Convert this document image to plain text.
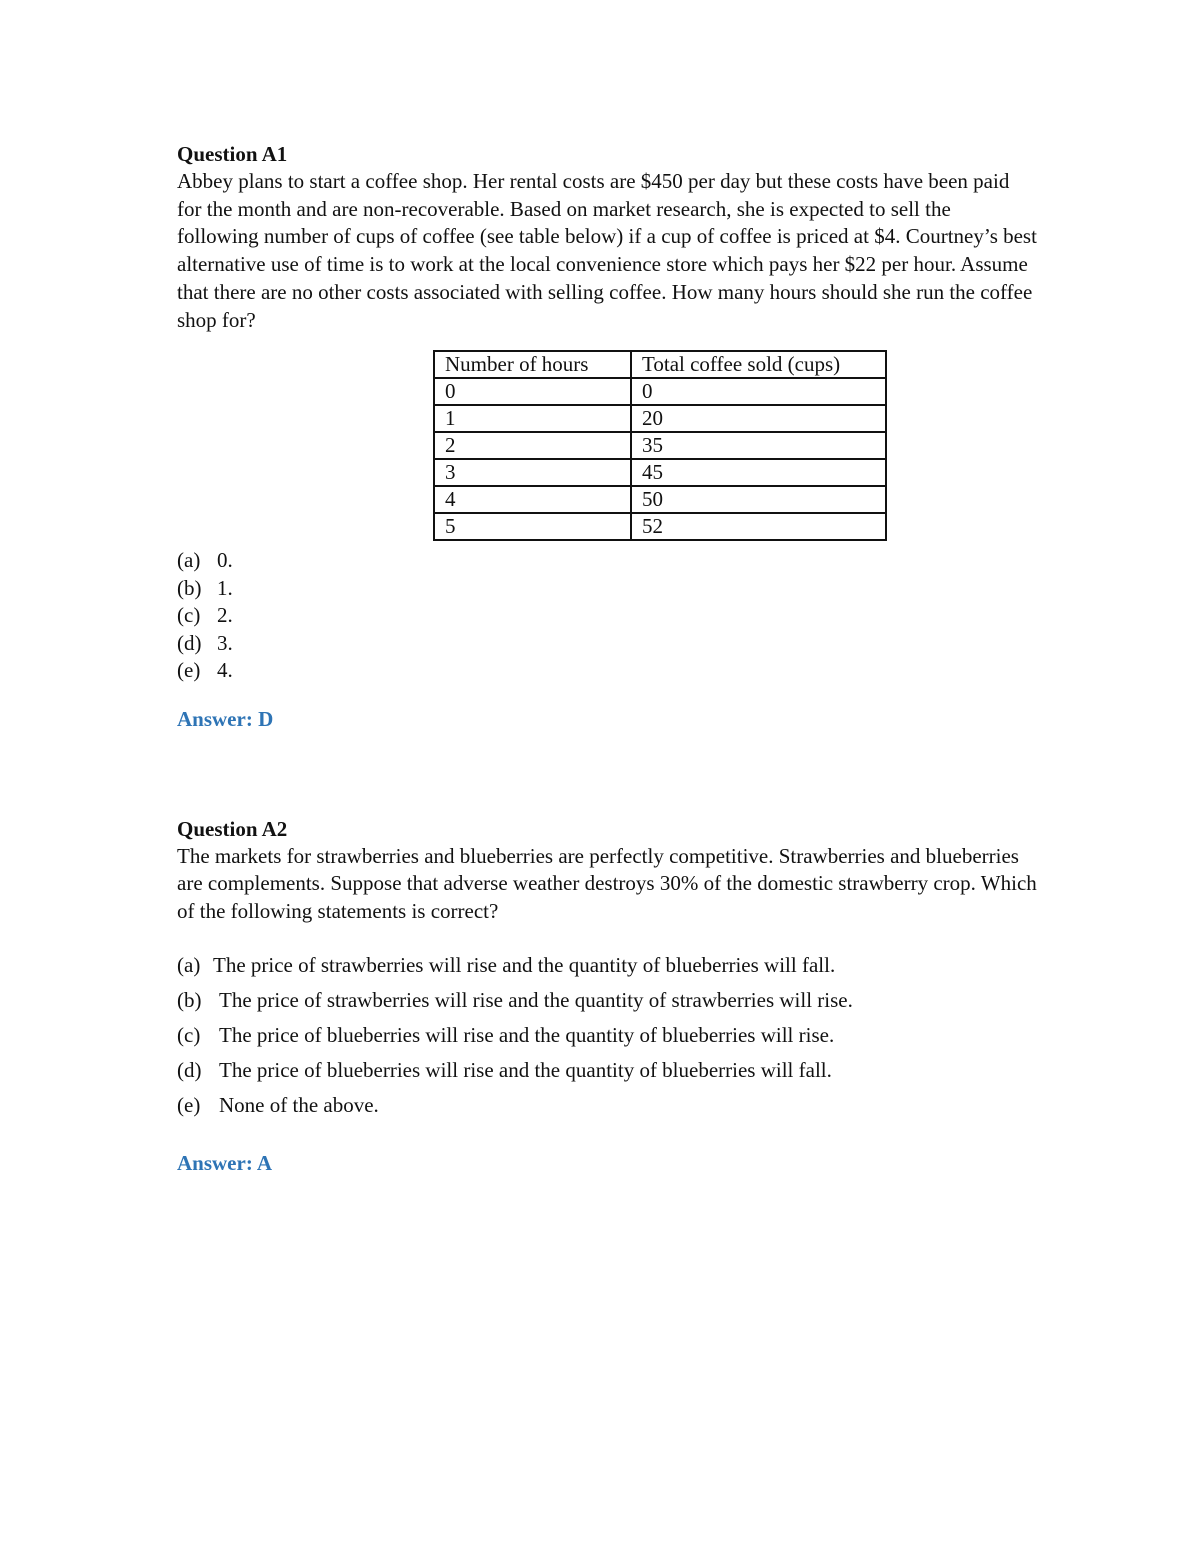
Question A1

Abbey plans to start a coffee shop. Her rental costs are $450 per day but these costs have been paid for the month and are non-recoverable. Based on market research, she is expected to sell the following number of cups of coffee (see table below) if a cup of coffee is priced at $4. Courtney’s best alternative use of time is to work at the local convenience store which pays her $22 per hour. Assume that there are no other costs associated with selling coffee. How many hours should she run the coffee shop for?

Number of hours	Total coffee sold (cups)
0	0
1	20
2	35
3	45
4	50
5	52
(a) 0.
(b) 1.
(c) 2.
(d) 3.
(e) 4.

Answer: D

Question A2

The markets for strawberries and blueberries are perfectly competitive. Strawberries and blueberries are complements. Suppose that adverse weather destroys 30% of the domestic strawberry crop. Which of the following statements is correct?

(a) The price of strawberries will rise and the quantity of blueberries will fall.
(b) The price of strawberries will rise and the quantity of strawberries will rise.
(c) The price of blueberries will rise and the quantity of blueberries will rise.
(d) The price of blueberries will rise and the quantity of blueberries will fall.
(e) None of the above.

Answer: A
